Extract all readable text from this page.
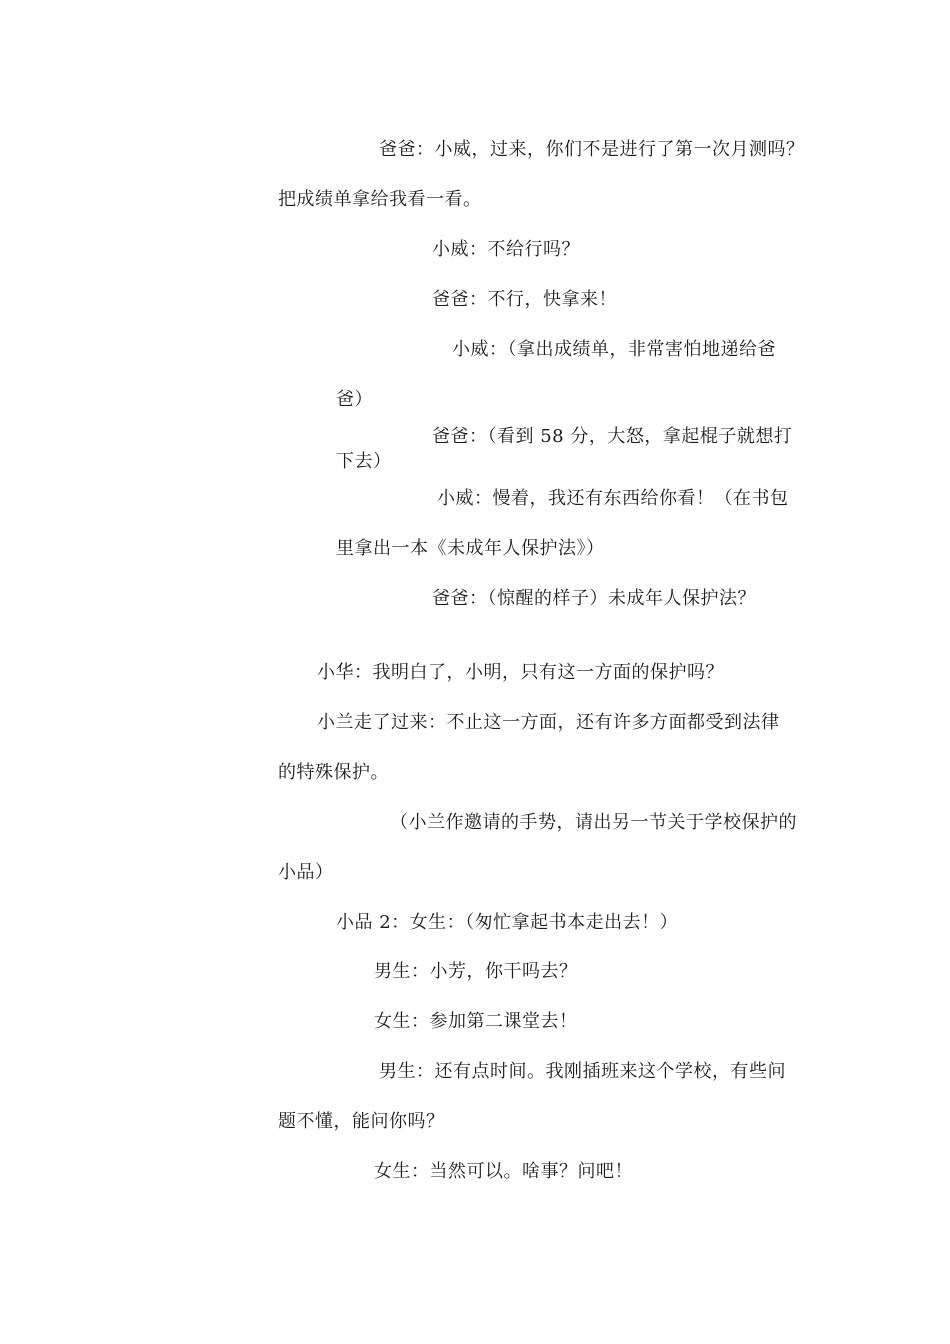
爸爸：小威，过来，你们不是进行了第一次月测吗？
把成绩单拿给我看一看。
小威：不给行吗？
爸爸：不行，快拿来！
小威：（拿出成绩单，非常害怕地递给爸
爸）
爸爸：（看到 58 分，大怒，拿起棍子就想打
下去）
小威：慢着，我还有东西给你看！（在书包
里拿出一本《未成年人保护法》）
爸爸：（惊醒的样子）未成年人保护法？
小华：我明白了，小明，只有这一方面的保护吗？
小兰走了过来：不止这一方面，还有许多方面都受到法律
的特殊保护。
（小兰作邀请的手势，请出另一节关于学校保护的
小品）
小品 2：女生：（匆忙拿起书本走出去！）
男生：小芳，你干吗去？
女生：参加第二课堂去！
男生：还有点时间。我刚插班来这个学校，有些问
题不懂，能问你吗？
女生：当然可以。啥事？问吧！
